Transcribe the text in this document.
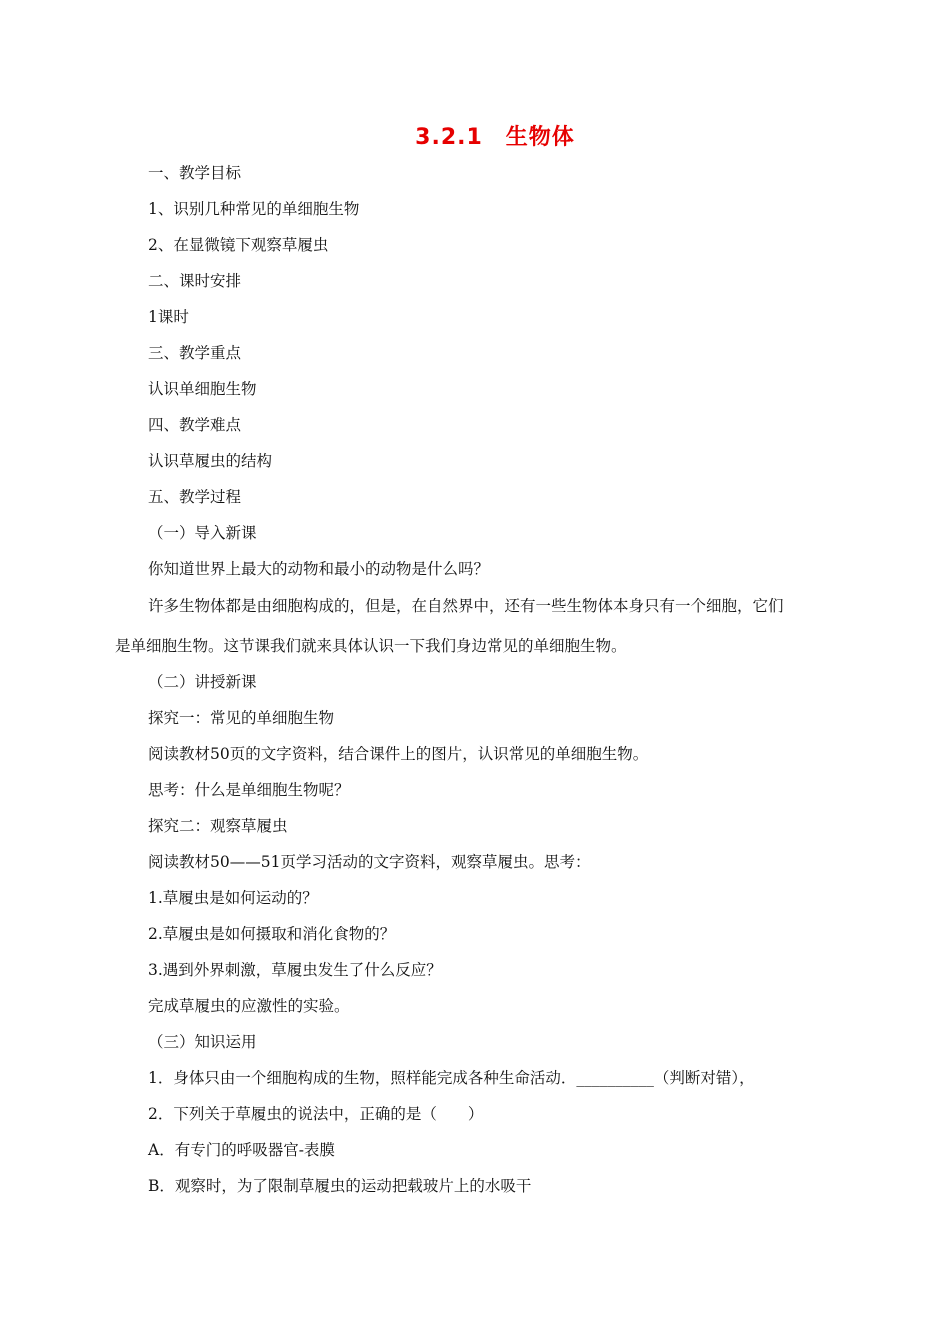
3.2.1　生物体
一、教学目标
1、识别几种常见的单细胞生物
2、在显微镜下观察草履虫
二、课时安排
1课时
三、教学重点
认识单细胞生物
四、教学难点
认识草履虫的结构
五、教学过程
（一）导入新课
你知道世界上最大的动物和最小的动物是什么吗？
许多生物体都是由细胞构成的，但是，在自然界中，还有一些生物体本身只有一个细胞，它们
是单细胞生物。这节课我们就来具体认识一下我们身边常见的单细胞生物。
（二）讲授新课
探究一：常见的单细胞生物
阅读教材50页的文字资料，结合课件上的图片，认识常见的单细胞生物。
思考：什么是单细胞生物呢？
探究二：观察草履虫
阅读教材50——51页学习活动的文字资料，观察草履虫。思考：
1.草履虫是如何运动的？
2.草履虫是如何摄取和消化食物的？
3.遇到外界刺激，草履虫发生了什么反应？
完成草履虫的应激性的实验。
（三）知识运用
1．身体只由一个细胞构成的生物，照样能完成各种生命活动．__________（判断对错），
2．下列关于草履虫的说法中，正确的是（　　）
A．有专门的呼吸器官-表膜
B．观察时，为了限制草履虫的运动把载玻片上的水吸干
